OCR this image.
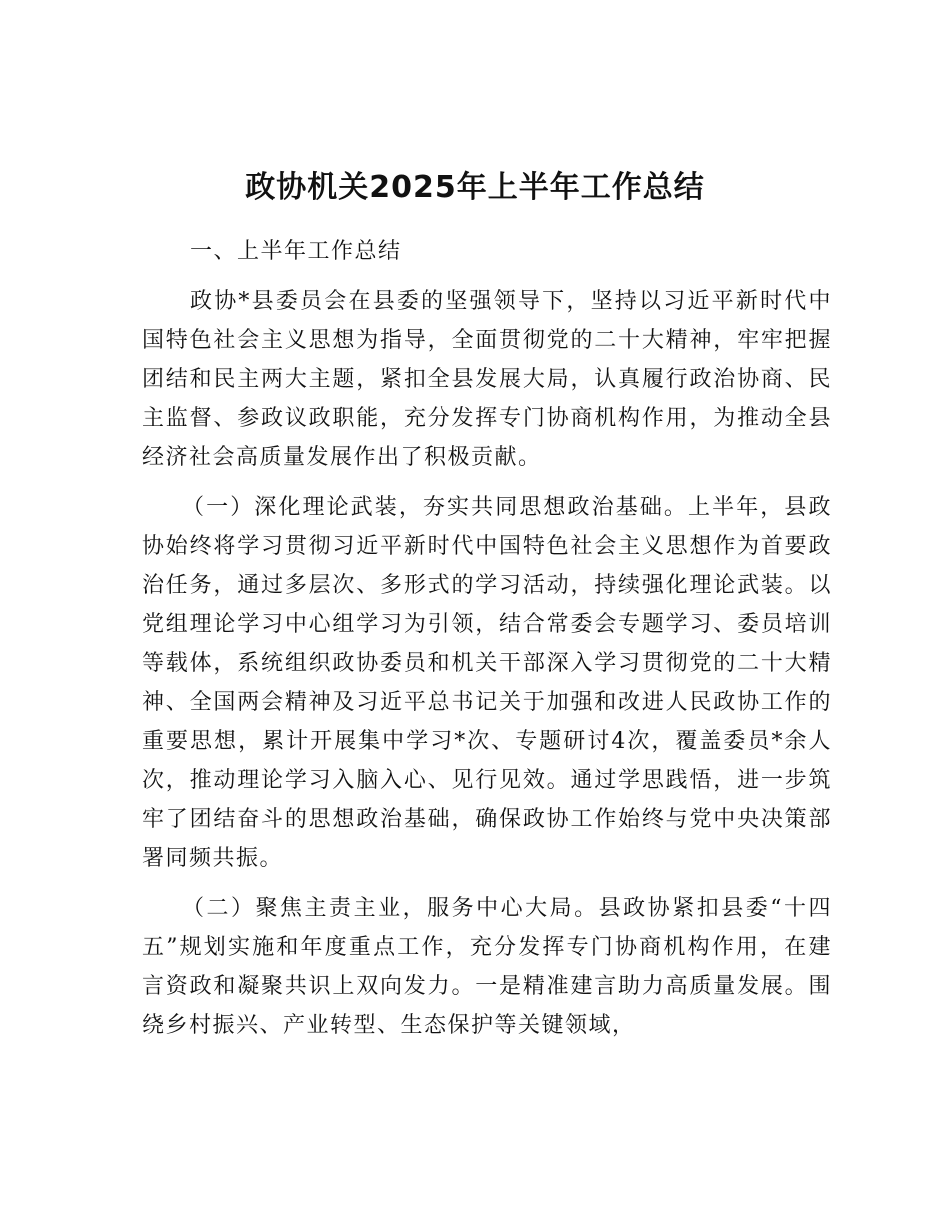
政协机关2025年上半年工作总结
一、上半年工作总结

政协*县委员会在县委的坚强领导下，坚持以习近平新时代中国特色社会主义思想为指导，全面贯彻党的二十大精神，牢牢把握团结和民主两大主题，紧扣全县发展大局，认真履行政治协商、民主监督、参政议政职能，充分发挥专门协商机构作用，为推动全县经济社会高质量发展作出了积极贡献。

（一）深化理论武装，夯实共同思想政治基础。上半年，县政协始终将学习贯彻习近平新时代中国特色社会主义思想作为首要政治任务，通过多层次、多形式的学习活动，持续强化理论武装。以党组理论学习中心组学习为引领，结合常委会专题学习、委员培训等载体，系统组织政协委员和机关干部深入学习贯彻党的二十大精神、全国两会精神及习近平总书记关于加强和改进人民政协工作的重要思想，累计开展集中学习*次、专题研讨4次，覆盖委员*余人次，推动理论学习入脑入心、见行见效。通过学思践悟，进一步筑牢了团结奋斗的思想政治基础，确保政协工作始终与党中央决策部署同频共振。

（二）聚焦主责主业，服务中心大局。县政协紧扣县委“十四五”规划实施和年度重点工作，充分发挥专门协商机构作用，在建言资政和凝聚共识上双向发力。一是精准建言助力高质量发展。围绕乡村振兴、产业转型、生态保护等关键领域，
